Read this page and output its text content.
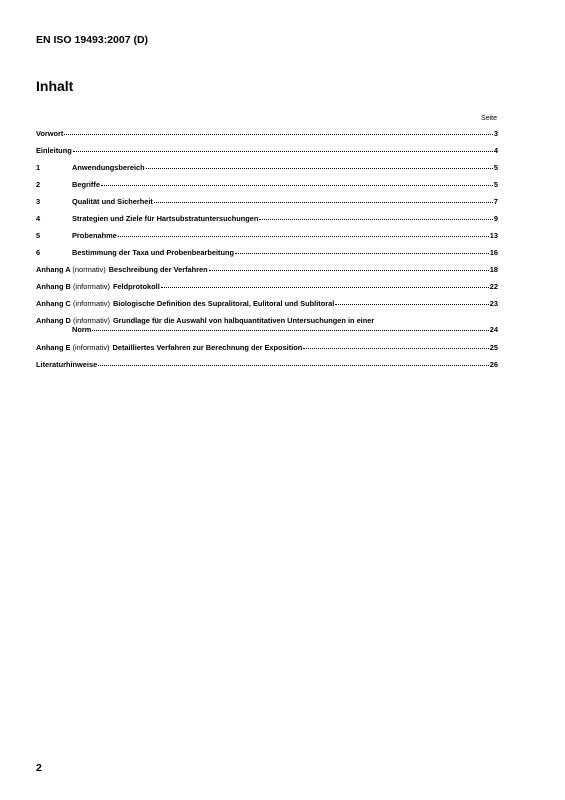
EN ISO 19493:2007 (D)
Inhalt
Seite
Vorwort	3
Einleitung	4
1	Anwendungsbereich	5
2	Begriffe	5
3	Qualität und Sicherheit	7
4	Strategien und Ziele für Hartsubstratuntersuchungen	9
5	Probenahme	13
6	Bestimmung der Taxa und Probenbearbeitung	16
Anhang A (normativ) Beschreibung der Verfahren	18
Anhang B (informativ) Feldprotokoll	22
Anhang C (informativ) Biologische Definition des Supralitoral, Eulitoral und Sublitoral	23
Anhang D (informativ) Grundlage für die Auswahl von halbquantitativen Untersuchungen in einer
Norm	24
Anhang E (informativ) Detailliertes Verfahren zur Berechnung der Exposition	25
Literaturhinweise	26
2
